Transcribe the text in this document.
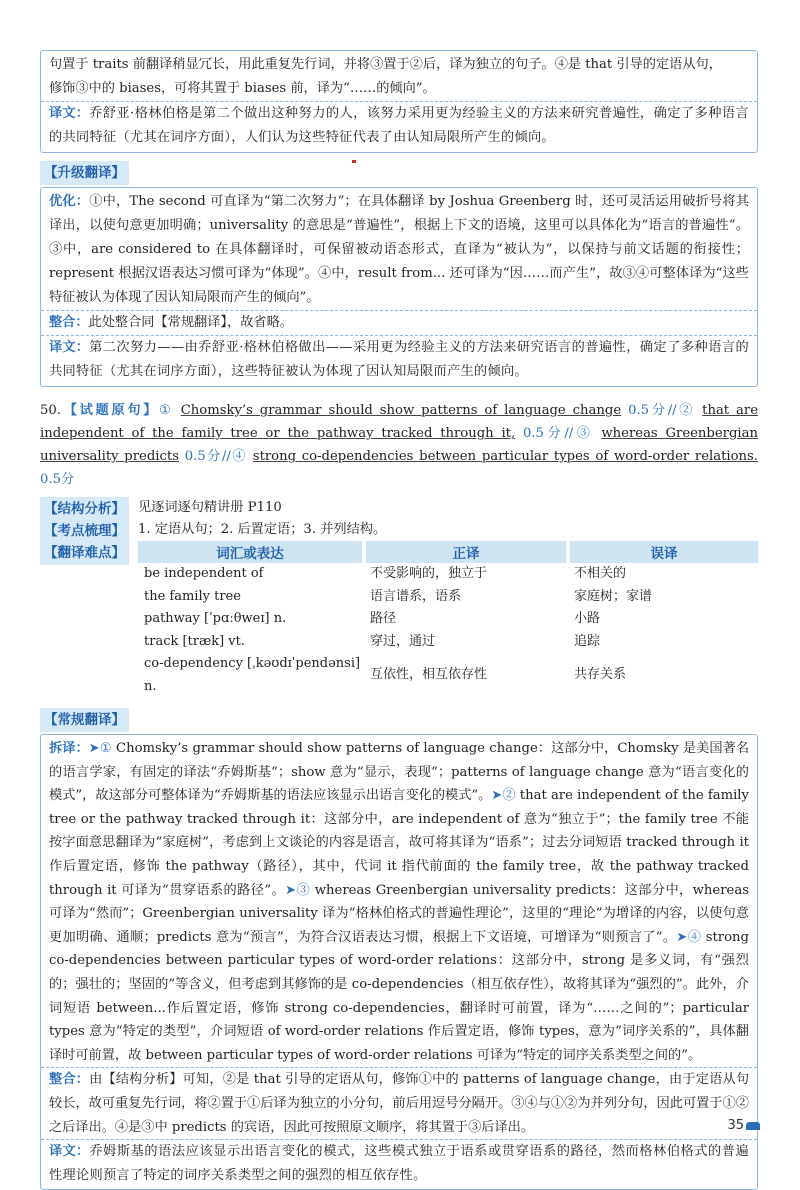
句置于 traits 前翻译稍显冗长，用此重复先行词，并将③置于②后，译为独立的句子。④是 that 引导的定语从句，
修饰③中的 biases，可将其置于 biases 前，译为“……的倾向”。
译文：乔舒亚·格林伯格是第二个做出这种努力的人，该努力采用更为经验主义的方法来研究普遍性，确定了多种语言的共同特征（尤其在词序方面），人们认为这些特征代表了由认知局限所产生的倾向。
【升级翻译】
优化：①中，The second 可直译为“第二次努力”；在具体翻译 by Joshua Greenberg 时，还可灵活运用破折号将其译出，以使句意更加明确；universality 的意思是“普遍性”，根据上下文的语境，这里可以具体化为“语言的普遍性”。③中，are considered to 在具体翻译时，可保留被动语态形式，直译为“被认为”，以保持与前文话题的衔接性；represent 根据汉语表达习惯可译为“体现”。④中，result from... 还可译为“因……而产生”，故③④可整体译为“这些特征被认为体现了因认知局限而产生的倾向”。
整合：此处整合同【常规翻译】，故省略。
译文：第二次努力——由乔舒亚·格林伯格做出——采用更为经验主义的方法来研究语言的普遍性，确定了多种语言的共同特征（尤其在词序方面），这些特征被认为体现了因认知局限而产生的倾向。
50.【试题原句】① Chomsky’s grammar should show patterns of language change 0.5分//② that are independent of the family tree or the pathway tracked through it, 0.5分//③ whereas Greenbergian universality predicts 0.5分//④ strong co-dependencies between particular types of word-order relations. 0.5分
【结构分析】 见逐词逐句精讲册 P110
【考点梳理】 1. 定语从句；2. 后置定语；3. 并列结构。
【翻译难点】	词汇或表达	正译	误译
be independent of	不受影响的，独立于	不相关的
the family tree	语言谱系，语系	家庭树；家谱
pathway [ˈpɑːθweɪ] n.	路径	小路
track [træk] vt.	穿过，通过	追踪
co-dependency [ˌkəʊdɪˈpendənsi] n.	互依性，相互依存性	共存关系
【常规翻译】
拆译：➤① Chomsky’s grammar should show patterns of language change：这部分中，Chomsky 是美国著名的语言学家，有固定的译法“乔姆斯基”；show 意为“显示，表现”；patterns of language change 意为“语言变化的模式”，故这部分可整体译为“乔姆斯基的语法应该显示出语言变化的模式”。➤② that are independent of the family tree or the pathway tracked through it：这部分中，are independent of 意为“独立于”；the family tree 不能按字面意思翻译为“家庭树”，考虑到上文谈论的内容是语言，故可将其译为“语系”；过去分词短语 tracked through it 作后置定语，修饰 the pathway（路径），其中，代词 it 指代前面的 the family tree，故 the pathway tracked through it 可译为“贯穿语系的路径”。➤③ whereas Greenbergian universality predicts：这部分中，whereas 可译为“然而”；Greenbergian universality 译为“格林伯格式的普遍性理论”，这里的“理论”为增译的内容，以使句意更加明确、通顺；predicts 意为“预言”，为符合汉语表达习惯，根据上下文语境，可增译为“则预言了”。➤④ strong co-dependencies between particular types of word-order relations：这部分中，strong 是多义词，有“强烈的；强壮的；坚固的”等含义，但考虑到其修饰的是 co-dependencies（相互依存性），故将其译为“强烈的”。此外，介词短语 between...作后置定语，修饰 strong co-dependencies，翻译时可前置，译为“……之间的”；particular types 意为“特定的类型”，介词短语 of word-order relations 作后置定语，修饰 types，意为“词序关系的”，具体翻译时可前置，故 between particular types of word-order relations 可译为“特定的词序关系类型之间的”。
整合：由【结构分析】可知，②是 that 引导的定语从句，修饰①中的 patterns of language change，由于定语从句较长，故可重复先行词，将②置于①后译为独立的小分句，前后用逗号分隔开。③④与①②为并列分句，因此可置于①②之后译出。④是③中 predicts 的宾语，因此可按照原文顺序，将其置于③后译出。
译文：乔姆斯基的语法应该显示出语言变化的模式，这些模式独立于语系或贯穿语系的路径，然而格林伯格式的普遍性理论则预言了特定的词序关系类型之间的强烈的相互依存性。
35
